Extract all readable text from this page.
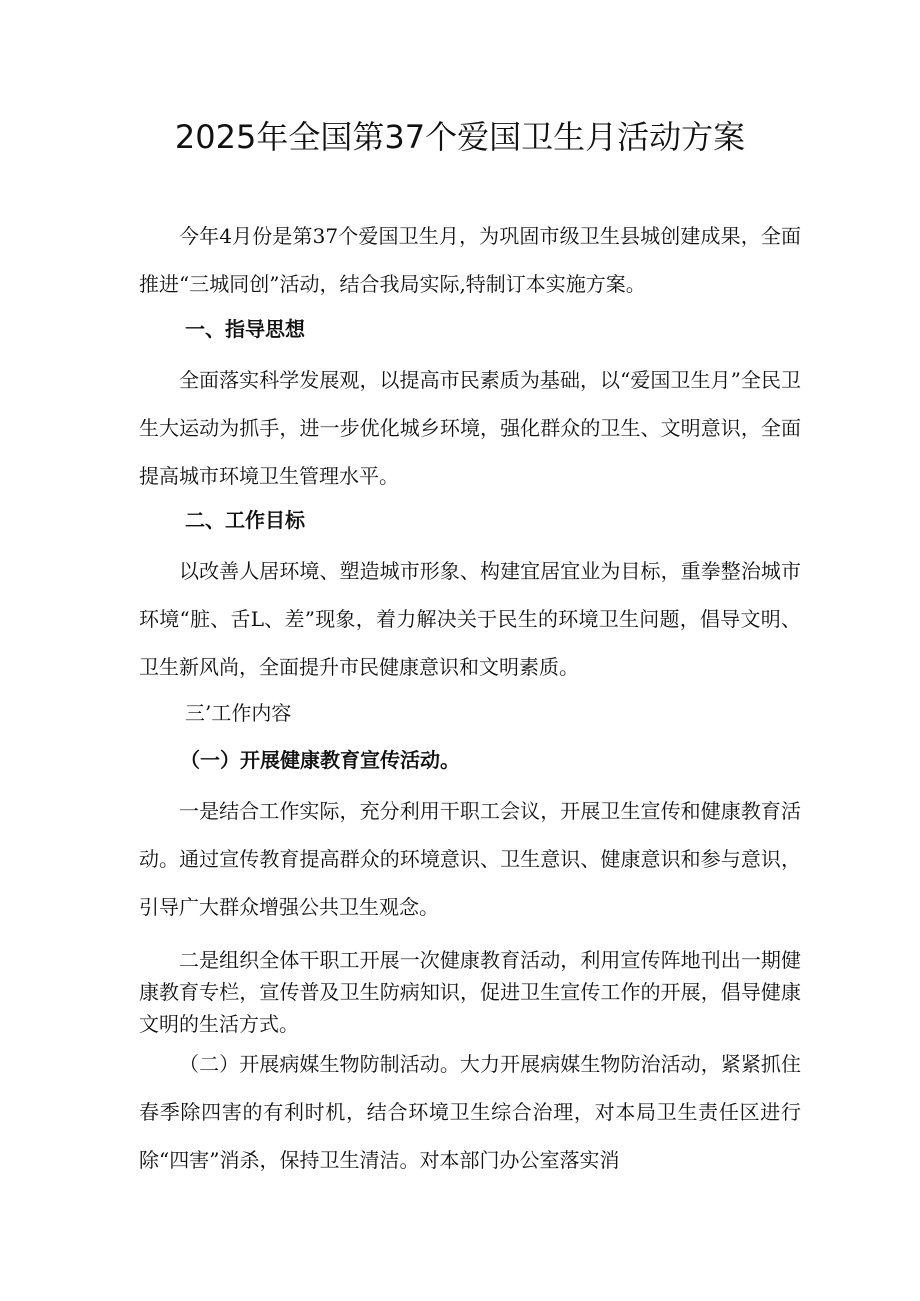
2025年全国第37个爱国卫生月活动方案

今年4月份是第37个爱国卫生月，为巩固市级卫生县城创建成果，全面推进“三城同创”活动，结合我局实际,特制订本实施方案。

一、指导思想

全面落实科学发展观，以提高市民素质为基础，以“爱国卫生月”全民卫生大运动为抓手，进一步优化城乡环境，强化群众的卫生、文明意识，全面提高城市环境卫生管理水平。

二、工作目标

以改善人居环境、塑造城市形象、构建宜居宜业为目标，重拳整治城市环境“脏、舌L、差”现象，着力解决关于民生的环境卫生问题，倡导文明、卫生新风尚，全面提升市民健康意识和文明素质。

三’工作内容
（一）开展健康教育宣传活动。

一是结合工作实际，充分利用干职工会议，开展卫生宣传和健康教育活动。通过宣传教育提高群众的环境意识、卫生意识、健康意识和参与意识，引导广大群众增强公共卫生观念。

二是组织全体干职工开展一次健康教育活动，利用宣传阵地刊出一期健康教育专栏，宣传普及卫生防病知识，促进卫生宣传工作的开展，倡导健康文明的生活方式。

（二）开展病媒生物防制活动。大力开展病媒生物防治活动，紧紧抓住春季除四害的有利时机，结合环境卫生综合治理，对本局卫生责任区进行除“四害”消杀，保持卫生清洁。对本部门办公室落实消
